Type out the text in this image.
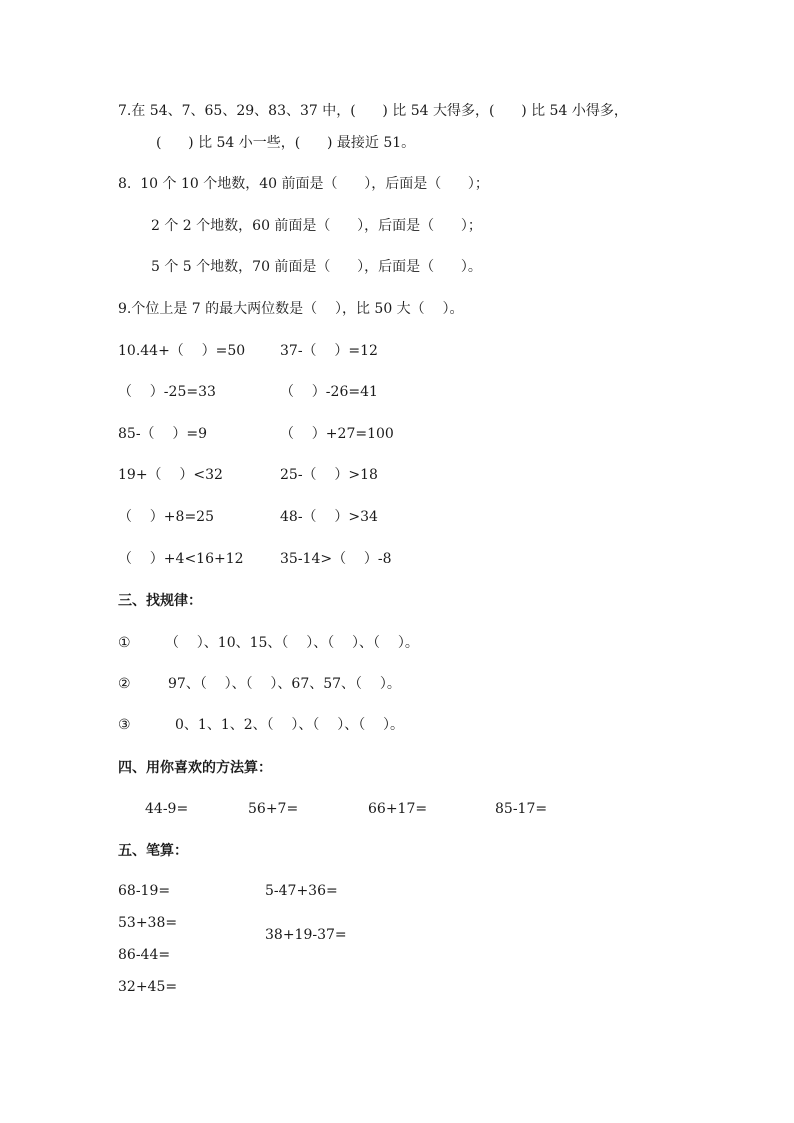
7.在 54、7、65、29、83、37 中，(      ) 比 54 大得多，(      ) 比 54 小得多，
(      ) 比 54 小一些，(      ) 最接近 51。
8.  10 个 10 个地数，40 前面是（      ），后面是（      ）；
2 个 2 个地数，60 前面是（      ），后面是（      ）；
5 个 5 个地数，70 前面是（      ），后面是（      ）。
9.个位上是 7 的最大两位数是（    ），比 50 大（    ）。
10.44+（    ）=50 37-（    ）=12
（    ）-25=33	（    ）-26=41
85-（    ）=9	（    ）+27=100
19+（    ）<32	25-（    ）>18
（    ）+8=25	48-（    ）>34
（    ）+4<16+12	35-14>（    ）-8
三、找规律：
① （    ）、10、15、（    ）、（    ）、（    ）。
②	97、（    ）、（    ）、67、57、（    ）。
③	0、1、1、2、（    ）、（    ）、（    ）。
四、用你喜欢的方法算：
44-9=	56+7=	66+17=	85-17=
五、笔算：
68-19=
53+38=
86-44=
32+45=
5-47+36=
38+19-37=
